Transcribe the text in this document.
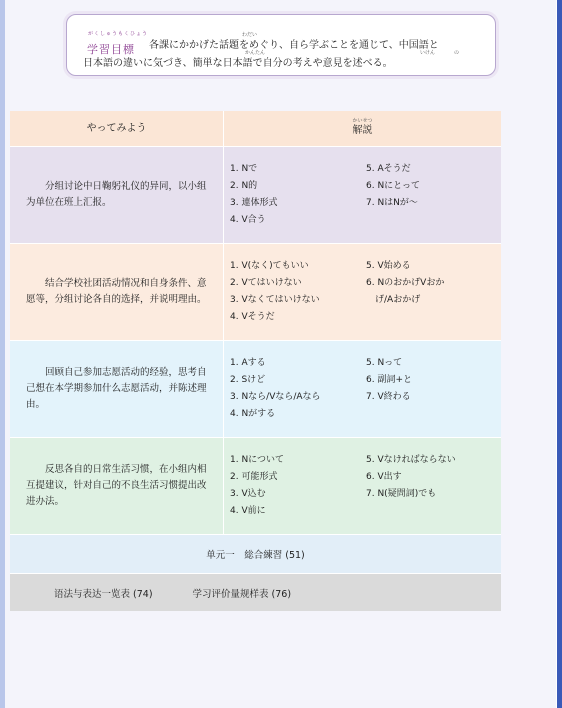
がくしゅうもくひょう
学習目標
わだい
かんたん	いけん	の
各課にかかげた話題をめぐり、自ら学ぶことを通じて、中国語と
日本語の違いに気づき、簡単な日本語で自分の考えや意見を述べる。
やってみよう
かいせつ
解説
分组讨论中日鞠躬礼仪的异同，以小组为单位在班上汇报。
1. Nで
2. N的
3. 連体形式
4. V合う
5. Aそうだ
6. Nにとって
7. NはNが～
结合学校社团活动情况和自身条件、意愿等，分组讨论各自的选择，并说明理由。
1. V(なく)てもいい
2. Vてはいけない
3. Vなくてはいけない
4. Vそうだ
5. V始める
6. NのおかげVおか
　げ/Aおかげ
回顾自己参加志愿活动的经验，思考自己想在本学期参加什么志愿活动，并陈述理由。
1. Aする
2. Sけど
3. Nなら/Vなら/Aなら
4. Nがする
5. Nって
6. 副詞+と
7. V終わる
反思各自的日常生活习惯，在小组内相互提建议，针对自己的不良生活习惯提出改进办法。
1. Nについて
2. 可能形式
3. V込む
4. V前に
5. Vなければならない
6. V出す
7. N(疑問詞)でも
单元一　総合練習 (51)
语法与表达一览表 (74)	学习评价量规样表 (76)
